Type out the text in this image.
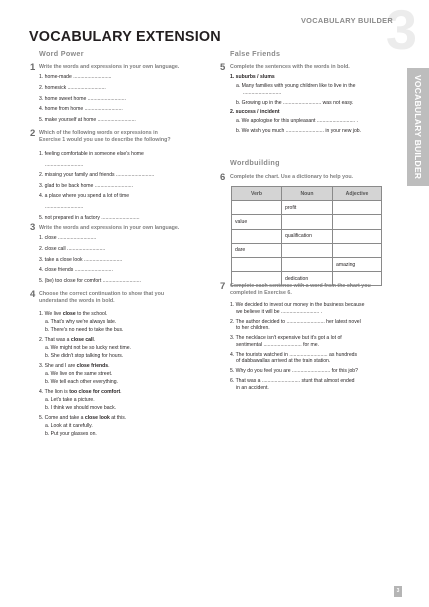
3
VOCABULARY BUILDER
VOCABULARY BUILDER
VOCABULARY EXTENSION
Word Power
1 Write the words and expressions in your own language.
1. home-made ...........................
2. homesick ...........................
3. home sweet home ...........................
4. home from home ...........................
5. make yourself at home ...........................
2 Which of the following words or expressions in
Exercise 1 would you use to describe the following?
1. feeling comfortable in someone else's home
...........................
2. missing your family and friends ...........................
3. glad to be back home ...........................
4. a place where you spend a lot of time
...........................
5. not prepared in a factory ...........................
3 Write the words and expressions in your own language.
1. close ...........................
2. close call ...........................
3. take a close look ...........................
4. close friends ...........................
5. (be) too close for comfort ...........................
4 Choose the correct continuation to show that you
understand the words in bold.
1. We live close to the school.
a. That's why we're always late.
b. There's no need to take the bus.
2. That was a close call.
a. We might not be so lucky next time.
b. She didn't stop talking for hours.
3. She and I are close friends.
a. We live on the same street.
b. We tell each other everything.
4. The lion is too close for comfort.
a. Let's take a picture.
b. I think we should move back.
5. Come and take a close look at this.
a. Look at it carefully.
b. Put your glasses on.
False Friends
5 Complete the sentences with the words in bold.
1. suburbs / slums
a. Many families with young children like to live in the
...........................
b. Growing up in the ........................... was not easy.
2. success / incident
a. We apologise for this unpleasant ........................... .
b. We wish you much ........................... in your new job.
Wordbuilding
6 Complete the chart. Use a dictionary to help you.
Verb	Noun	Adjective
	profit	
value		
	qualification	
dare		
		amazing
	dedication	
7 Complete each sentence with a word from the chart you
completed in Exercise 6.
1. We decided to invest our money in the business because
we believe it will be ........................... .
2. The author decided to ........................... her latest novel
to her children.
3. The necklace isn't expensive but it's got a lot of
sentimental ........................... for me.
4. The tourists watched in ........................... as hundreds
of dabbawallas arrived at the train station.
5. Why do you feel you are ........................... for this job?
6. That was a ........................... stunt that almost ended
in an accident.
3
